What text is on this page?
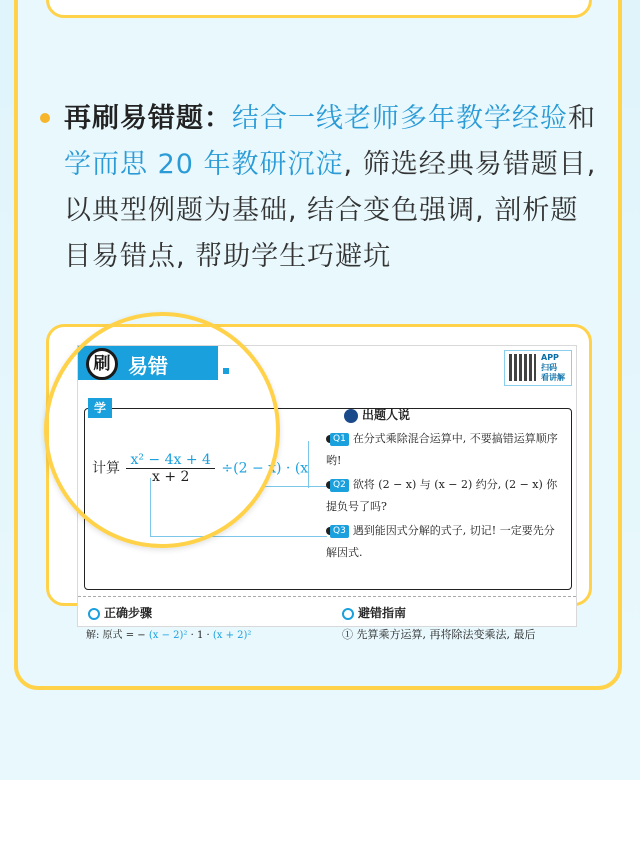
再刷易错题：结合一线老师多年教学经验和学而思 20 年教研沉淀, 筛选经典易错题目, 以典型例题为基础, 结合变色强调, 剖析题目易错点, 帮助学生巧避坑
刷 易错	APP
扫码
看讲解
学
计算 $\frac{\text{x² − 4x + 4}}{x + 2} \div(2 - x) \cdot (x$
出题人说
Q1 在分式乘除混合运算中, 不要搞错运算顺序哟!
Q2 欲将 (2 − x) 与 (x − 2) 约分, (2 − x) 你提负号了吗?
Q3 遇到能因式分解的式子, 切记! 一定要先分解因式.
正确步骤	避错指南
解: 原式 = − (x − 2)² · 1 · (x + 2)²	① 先算乘方运算, 再将除法变乘法, 最后
